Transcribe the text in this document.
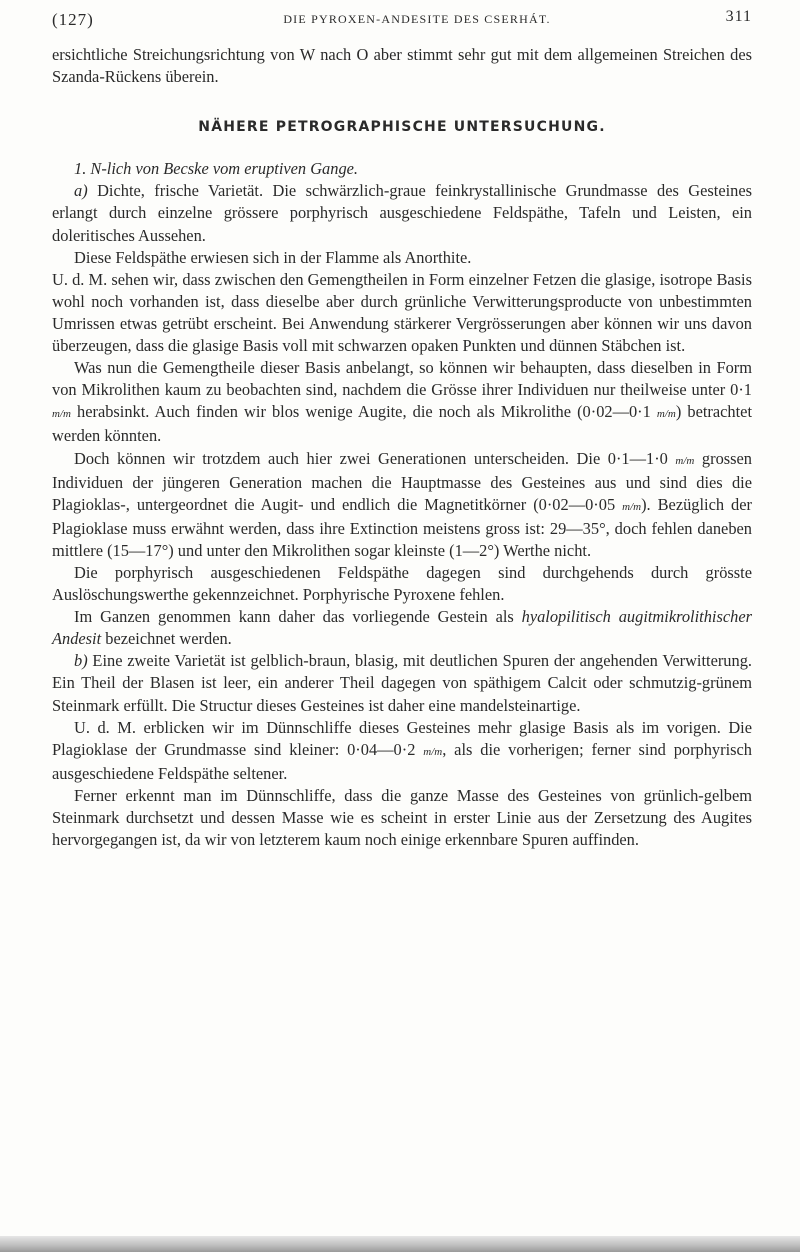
(127)	DIE PYROXEN-ANDESITE DES CSERHÁT.	311

ersichtliche Streichungsrichtung von W nach O aber stimmt sehr gut mit dem allgemeinen Streichen des Szanda-Rückens überein.

NÄHERE PETROGRAPHISCHE UNTERSUCHUNG.

1. N-lich von Becske vom eruptiven Gange.

a) Dichte, frische Varietät. Die schwärzlich-graue feinkrystallinische Grundmasse des Gesteines erlangt durch einzelne grössere porphyrisch ausgeschiedene Feldspäthe, Tafeln und Leisten, ein doleritisches Aussehen.

Diese Feldspäthe erwiesen sich in der Flamme als Anorthite.

U. d. M. sehen wir, dass zwischen den Gemengtheilen in Form einzelner Fetzen die glasige, isotrope Basis wohl noch vorhanden ist, dass dieselbe aber durch grünliche Verwitterungsproducte von unbestimmten Umrissen etwas getrübt erscheint. Bei Anwendung stärkerer Vergrösserungen aber können wir uns davon überzeugen, dass die glasige Basis voll mit schwarzen opaken Punkten und dünnen Stäbchen ist.

Was nun die Gemengtheile dieser Basis anbelangt, so können wir behaupten, dass dieselben in Form von Mikrolithen kaum zu beobachten sind, nachdem die Grösse ihrer Individuen nur theilweise unter 0·1 m/m herabsinkt. Auch finden wir blos wenige Augite, die noch als Mikrolithe (0·02—0·1 m/m) betrachtet werden könnten.

Doch können wir trotzdem auch hier zwei Generationen unterscheiden. Die 0·1—1·0 m/m grossen Individuen der jüngeren Generation machen die Hauptmasse des Gesteines aus und sind dies die Plagioklas-, untergeordnet die Augit- und endlich die Magnetitkörner (0·02—0·05 m/m). Bezüglich der Plagioklase muss erwähnt werden, dass ihre Extinction meistens gross ist: 29—35°, doch fehlen daneben mittlere (15—17°) und unter den Mikrolithen sogar kleinste (1—2°) Werthe nicht.

Die porphyrisch ausgeschiedenen Feldspäthe dagegen sind durchgehends durch grösste Auslöschungswerthe gekennzeichnet. Porphyrische Pyroxene fehlen.

Im Ganzen genommen kann daher das vorliegende Gestein als hyalopilitisch augitmikrolithischer Andesit bezeichnet werden.

b) Eine zweite Varietät ist gelblich-braun, blasig, mit deutlichen Spuren der angehenden Verwitterung. Ein Theil der Blasen ist leer, ein anderer Theil dagegen von späthigem Calcit oder schmutzig-grünem Steinmark erfüllt. Die Structur dieses Gesteines ist daher eine mandelsteinartige.

U. d. M. erblicken wir im Dünnschliffe dieses Gesteines mehr glasige Basis als im vorigen. Die Plagioklase der Grundmasse sind kleiner: 0·04—0·2 m/m, als die vorherigen; ferner sind porphyrisch ausgeschiedene Feldspäthe seltener.

Ferner erkennt man im Dünnschliffe, dass die ganze Masse des Gesteines von grünlich-gelbem Steinmark durchsetzt und dessen Masse wie es scheint in erster Linie aus der Zersetzung des Augites hervorgegangen ist, da wir von letzterem kaum noch einige erkennbare Spuren auffinden.
